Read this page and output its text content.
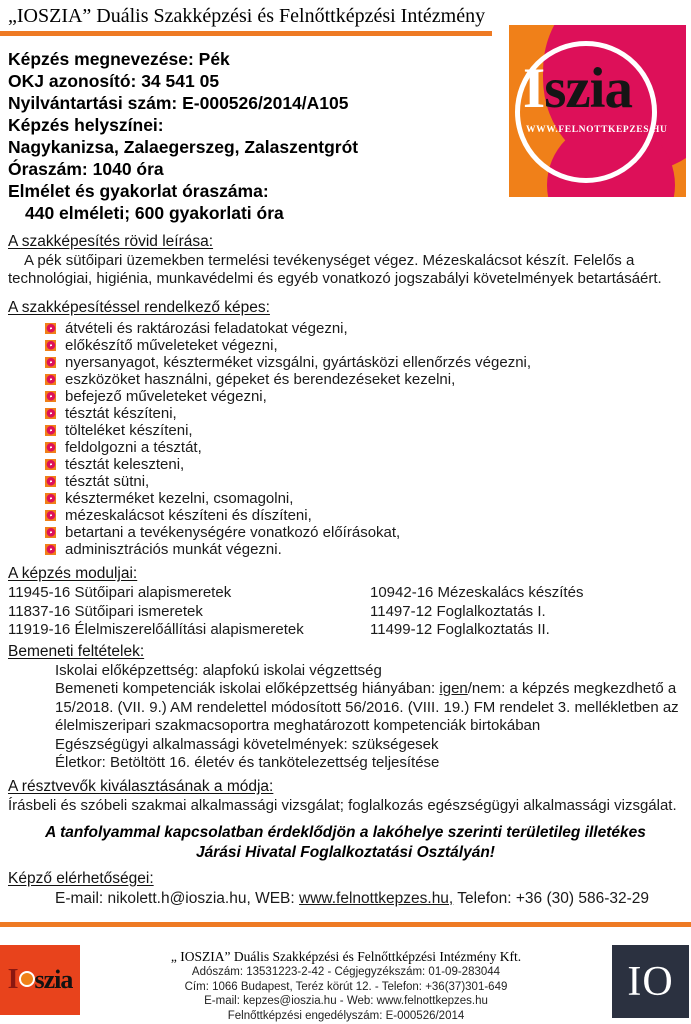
„IOSZIA” Duális Szakképzési és Felnőttképzési Intézmény
Iszia
WWW.FELNOTTKEPZES.HU
Képzés megnevezése: Pék
OKJ azonosító: 34 541 05
Nyilvántartási szám: E-000526/2014/A105
Képzés helyszínei:
Nagykanizsa, Zalaegerszeg, Zalaszentgrót
Óraszám: 1040 óra
Elmélet és gyakorlat óraszáma:
440 elméleti; 600 gyakorlati óra
A szakképesítés rövid leírása:
A pék sütőipari üzemekben termelési tevékenységet végez. Mézeskalácsot készít. Felelős a technológiai, higiénia, munkavédelmi és egyéb vonatkozó jogszabályi követelmények betartásáért.
A szakképesítéssel rendelkező képes:
átvételi és raktározási feladatokat végezni,
előkészítő műveleteket végezni,
nyersanyagot, készterméket vizsgálni, gyártásközi ellenőrzés végezni,
eszközöket használni, gépeket és berendezéseket kezelni,
befejező műveleteket végezni,
tésztát készíteni,
tölteléket készíteni,
feldolgozni a tésztát,
tésztát keleszteni,
tésztát sütni,
készterméket kezelni, csomagolni,
mézeskalácsot készíteni és díszíteni,
betartani a tevékenységére vonatkozó előírásokat,
adminisztrációs munkát végezni.
A képzés moduljai:
11945-16 Sütőipari alapismeretek	10942-16 Mézeskalács készítés
11837-16 Sütőipari ismeretek	11497-12 Foglalkoztatás I.
11919-16 Élelmiszerelőállítási alapismeretek	11499-12 Foglalkoztatás II.
Bemeneti feltételek:
Iskolai előképzettség: alapfokú iskolai végzettség
Bemeneti kompetenciák iskolai előképzettség hiányában: igen/nem: a képzés megkezdhető a 15/2018. (VII. 9.) AM rendelettel módosított 56/2016. (VIII. 19.) FM rendelet 3. mellékletben az élelmiszeripari szakmacsoportra meghatározott kompetenciák birtokában
Egészségügyi alkalmassági követelmények: szükségesek
Életkor: Betöltött 16. életév és tankötelezettség teljesítése
A résztvevők kiválasztásának a módja:
Írásbeli és szóbeli szakmai alkalmassági vizsgálat; foglalkozás egészségügyi alkalmassági vizsgálat.
A tanfolyammal kapcsolatban érdeklődjön a lakóhelye szerinti területileg illetékes Járási Hivatal Foglalkoztatási Osztályán!
Képző elérhetőségei:
E-mail: nikolett.h@ioszia.hu, WEB: www.felnottkepzes.hu, Telefon: +36 (30) 586-32-29
I szia
„ IOSZIA” Duális Szakképzési és Felnőttképzési Intézmény Kft.
Adószám: 13531223-2-42 - Cégjegyzékszám: 01-09-283044
Cím: 1066 Budapest, Teréz körút 12. - Telefon: +36(37)301-649
E-mail: kepzes@ioszia.hu - Web: www.felnottkepzes.hu
Felnőttképzési engedélyszám: E-000526/2014
IO
